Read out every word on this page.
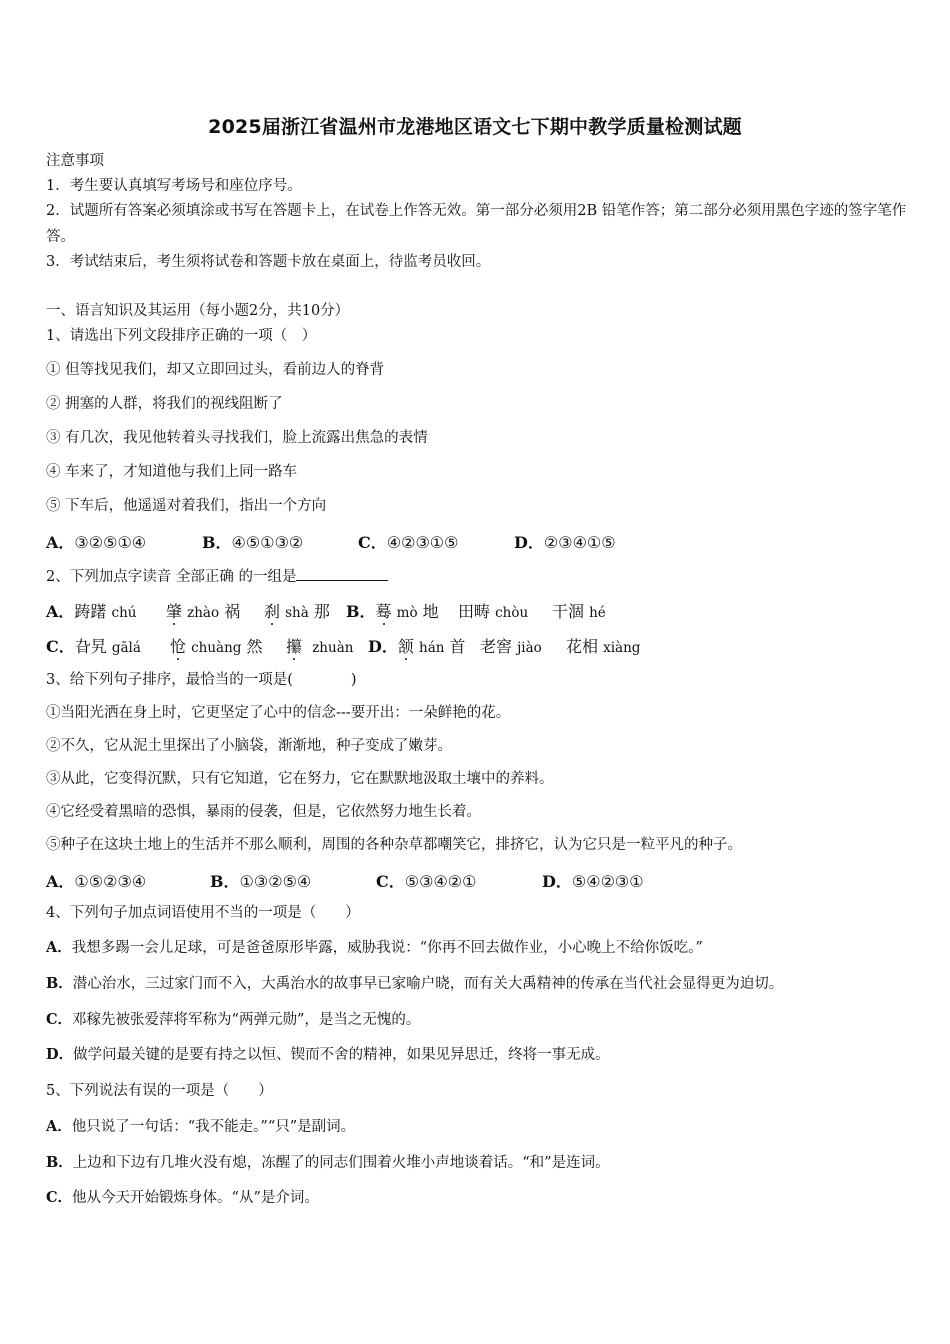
2025届浙江省温州市龙港地区语文七下期中教学质量检测试题
注意事项
1．考生要认真填写考场号和座位序号。
2．试题所有答案必须填涂或书写在答题卡上，在试卷上作答无效。第一部分必须用2B 铅笔作答；第二部分必须用黑色字迹的签字笔作答。
3．考试结束后，考生须将试卷和答题卡放在桌面上，待监考员收回。
一、语言知识及其运用（每小题2分，共10分）
1、请选出下列文段排序正确的一项（　）
① 但等找见我们，却又立即回过头，看前边人的脊背
② 拥塞的人群，将我们的视线阻断了
③ 有几次，我见他转着头寻找我们，脸上流露出焦急的表情
④ 车来了，才知道他与我们上同一路车
⑤ 下车后，他遥遥对着我们，指出一个方向
A．③②⑤①④	B．④⑤①③②	C．④②③①⑤	D．②③④①⑤
2、下列加点字读音 全部正确 的一组是
A．踌躇 chú 肇 zhào 祸 刹 shà 那 B．蓦 mò 地 田畴 chòu 干涸 hé
C．旮旯 gālá 怆 chuàng 然 攥 zhuàn D．颔 hán 首 老窖 jiào 花相 xiàng
3、给下列句子排序，最恰当的一项是(　　　　)
①当阳光洒在身上时，它更坚定了心中的信念---要开出：一朵鲜艳的花。
②不久，它从泥土里探出了小脑袋，渐渐地，种子变成了嫩芽。
③从此，它变得沉默，只有它知道，它在努力，它在默默地汲取土壤中的养料。
④它经受着黑暗的恐惧，暴雨的侵袭，但是，它依然努力地生长着。
⑤种子在这块土地上的生活并不那么顺利，周围的各种杂草都嘲笑它，排挤它，认为它只是一粒平凡的种子。
A．①⑤②③④	B．①③②⑤④	C．⑤③④②①	D．⑤④②③①
4、下列句子加点词语使用不当的一项是（　　）
A．我想多踢一会儿足球，可是爸爸原形毕露，威胁我说：“你再不回去做作业，小心晚上不给你饭吃。”
B．潜心治水，三过家门而不入，大禹治水的故事早已家喻户晓，而有关大禹精神的传承在当代社会显得更为迫切。
C．邓稼先被张爱萍将军称为“两弹元勋”，是当之无愧的。
D．做学问最关键的是要有持之以恒、锲而不舍的精神，如果见异思迁，终将一事无成。
5、下列说法有误的一项是（　　）
A．他只说了一句话：“我不能走。”“只”是副词。
B．上边和下边有几堆火没有熄，冻醒了的同志们围着火堆小声地谈着话。“和”是连词。
C．他从今天开始锻炼身体。“从”是介词。
